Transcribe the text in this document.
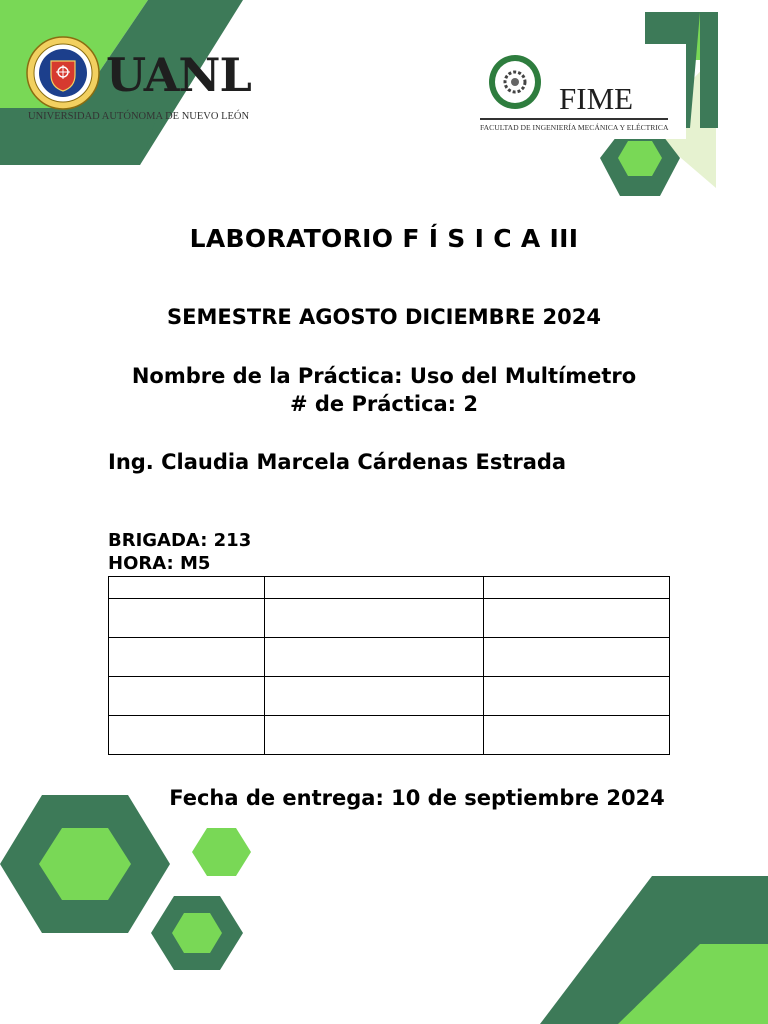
UANL
UNIVERSIDAD AUTÓNOMA DE NUEVO LEÓN
FIME
FACULTAD DE INGENIERÍA MECÁNICA Y ELÉCTRICA
LABORATORIO F Í S I C A III
SEMESTRE AGOSTO DICIEMBRE 2024
Nombre de la Práctica: Uso del Multímetro
# de Práctica: 2
Ing. Claudia Marcela Cárdenas Estrada
BRIGADA: 213
HORA: M5

Fecha de entrega: 10 de septiembre 2024
